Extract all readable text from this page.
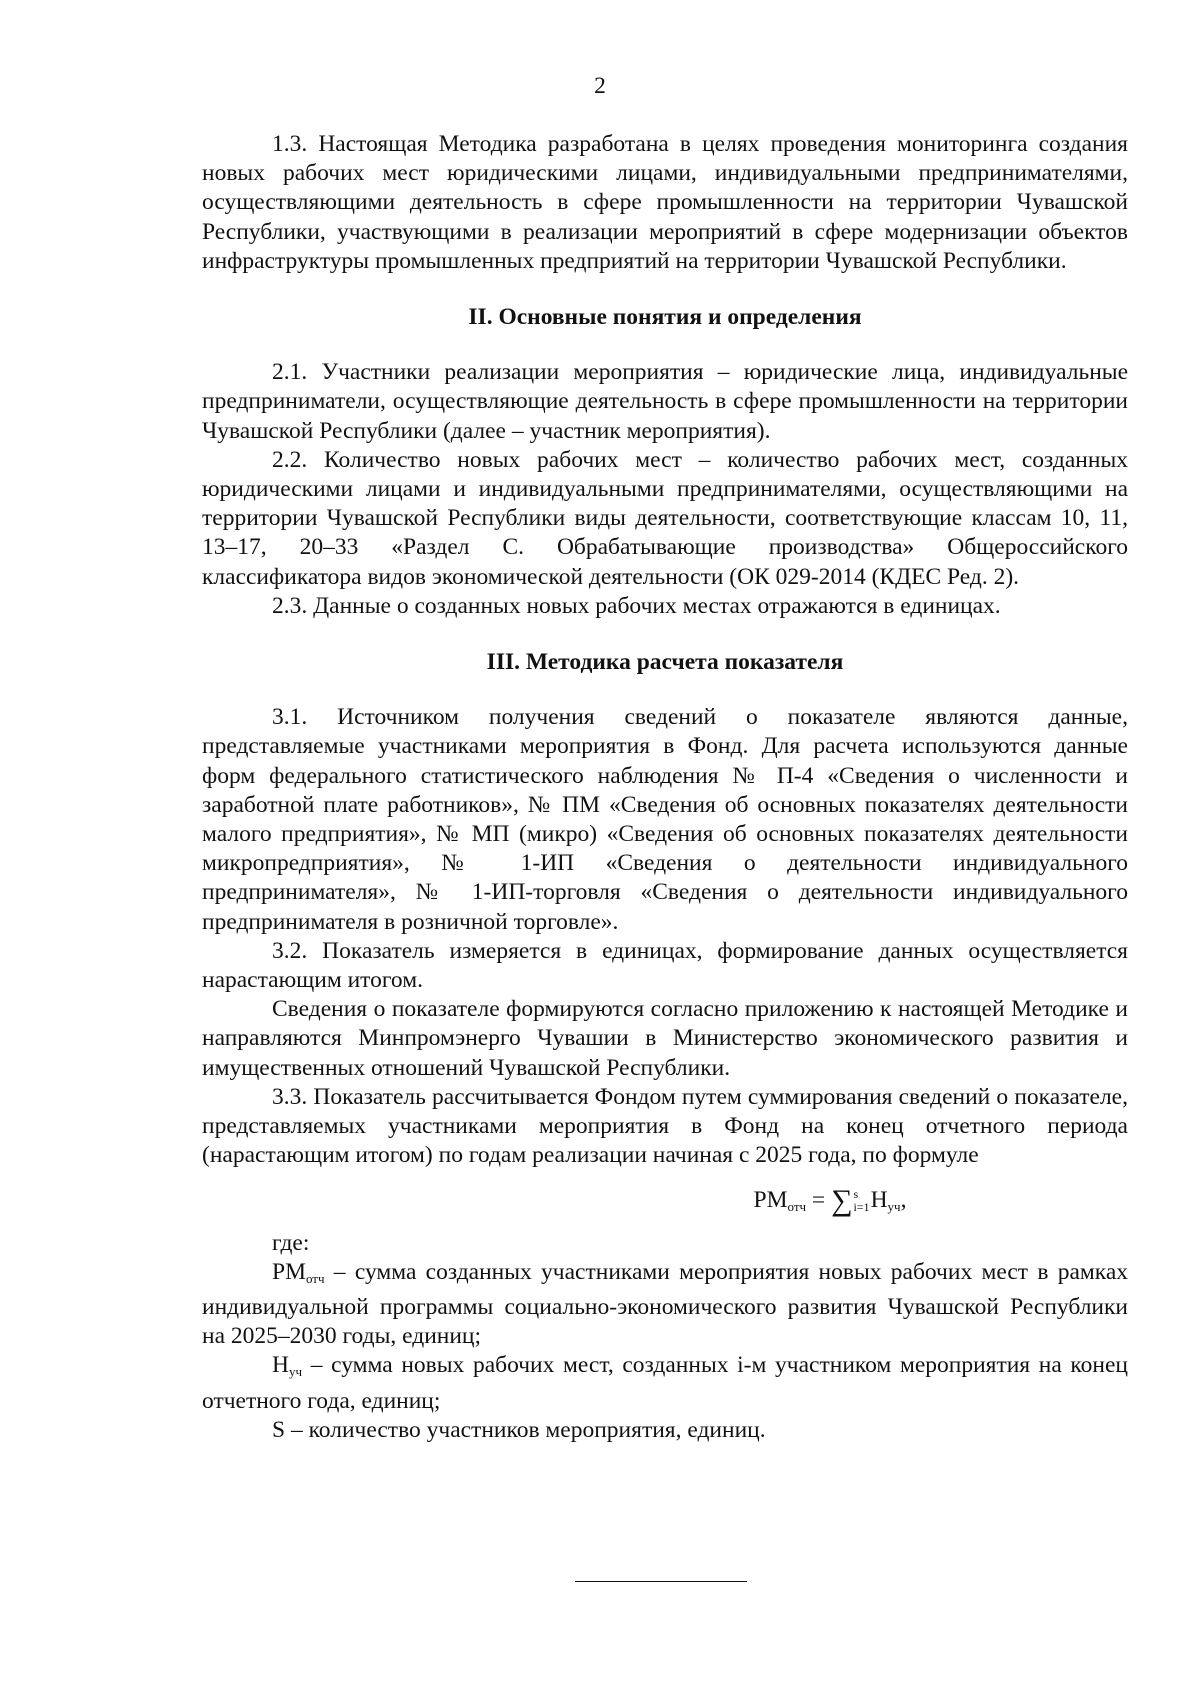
2

1.3. Настоящая Методика разработана в целях проведения мониторинга создания новых рабочих мест юридическими лицами, индивидуальными предпринимателями, осуществляющими деятельность в сфере промышленности на территории Чувашской Республики, участвующими в реализации мероприятий в сфере модернизации объектов инфраструктуры промышленных предприятий на территории Чувашской Республики.

II. Основные понятия и определения

2.1. Участники реализации мероприятия – юридические лица, индивидуальные предприниматели, осуществляющие деятельность в сфере промышленности на территории Чувашской Республики (далее – участник мероприятия).

2.2. Количество новых рабочих мест – количество рабочих мест, созданных юридическими лицами и индивидуальными предпринимателями, осуществляющими на территории Чувашской Республики виды деятельности, соответствующие классам 10, 11, 13–17, 20–33 «Раздел С. Обрабатывающие производства» Общероссийского классификатора видов экономической деятельности (ОК 029-2014 (КДЕС Ред. 2).

2.3. Данные о созданных новых рабочих местах отражаются в единицах.

III. Методика расчета показателя

3.1. Источником получения сведений о показателе являются данные, представляемые участниками мероприятия в Фонд. Для расчета используются данные форм федерального статистического наблюдения № П-4 «Сведения о численности и заработной плате работников», № ПМ «Сведения об основных показателях деятельности малого предприятия», № МП (микро) «Сведения об основных показателях деятельности микропредприятия», № 1-ИП «Сведения о деятельности индивидуального предпринимателя», № 1-ИП-торговля «Сведения о деятельности индивидуального предпринимателя в розничной торговле».

3.2. Показатель измеряется в единицах, формирование данных осуществляется нарастающим итогом.

Сведения о показателе формируются согласно приложению к настоящей Методике и направляются Минпромэнерго Чувашии в Министерство экономического развития и имущественных отношений Чувашской Республики.

3.3. Показатель рассчитывается Фондом путем суммирования сведений о показателе, представляемых участниками мероприятия в Фонд на конец отчетного периода (нарастающим итогом) по годам реализации начиная с 2025 года, по формуле

$РМ_{отч}$ = ∑ s
i=1 $Н_{уч}$,

где:

РМотч – сумма созданных участниками мероприятия новых рабочих мест в рамках индивидуальной программы социально-экономического развития Чувашской Республики на 2025–2030 годы, единиц;

Нуч – сумма новых рабочих мест, созданных i-м участником мероприятия на конец отчетного года, единиц;

S – количество участников мероприятия, единиц.
